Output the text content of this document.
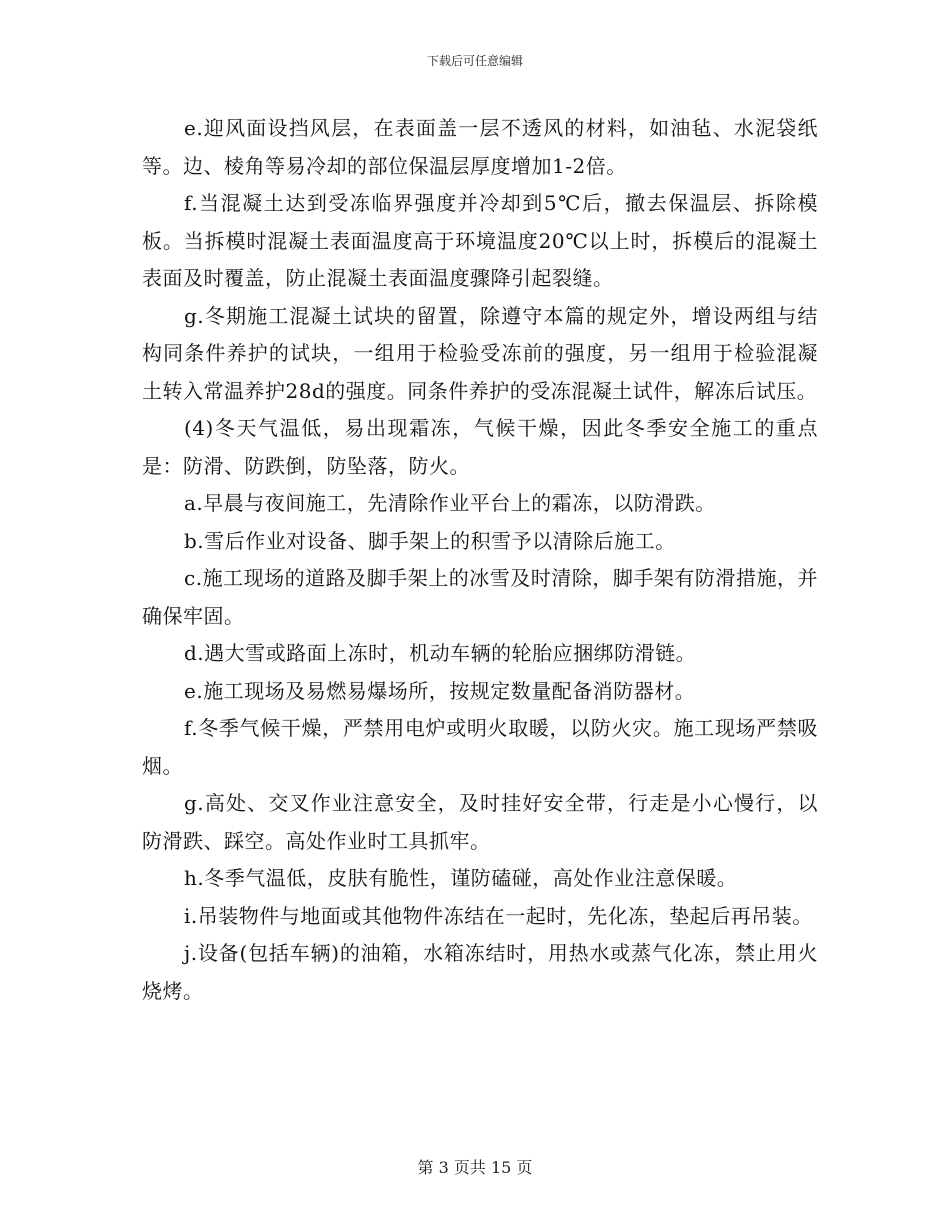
下载后可任意编辑

e.迎风面设挡风层，在表面盖一层不透风的材料，如油毡、水泥袋纸等。边、棱角等易冷却的部位保温层厚度增加1-2倍。

f.当混凝土达到受冻临界强度并冷却到5℃后，撤去保温层、拆除模板。当拆模时混凝土表面温度高于环境温度20℃以上时，拆模后的混凝土表面及时覆盖，防止混凝土表面温度骤降引起裂缝。

g.冬期施工混凝土试块的留置，除遵守本篇的规定外，增设两组与结构同条件养护的试块，一组用于检验受冻前的强度，另一组用于检验混凝土转入常温养护28d的强度。同条件养护的受冻混凝土试件，解冻后试压。

(4)冬天气温低，易出现霜冻，气候干燥，因此冬季安全施工的重点是：防滑、防跌倒，防坠落，防火。

a.早晨与夜间施工，先清除作业平台上的霜冻，以防滑跌。

b.雪后作业对设备、脚手架上的积雪予以清除后施工。

c.施工现场的道路及脚手架上的冰雪及时清除，脚手架有防滑措施，并确保牢固。

d.遇大雪或路面上冻时，机动车辆的轮胎应捆绑防滑链。

e.施工现场及易燃易爆场所，按规定数量配备消防器材。

f.冬季气候干燥，严禁用电炉或明火取暖，以防火灾。施工现场严禁吸烟。

g.高处、交叉作业注意安全，及时挂好安全带，行走是小心慢行，以防滑跌、踩空。高处作业时工具抓牢。

h.冬季气温低，皮肤有脆性，谨防磕碰，高处作业注意保暖。

i.吊装物件与地面或其他物件冻结在一起时，先化冻，垫起后再吊装。

j.设备(包括车辆)的油箱，水箱冻结时，用热水或蒸气化冻，禁止用火烧烤。

第 3 页共 15 页
